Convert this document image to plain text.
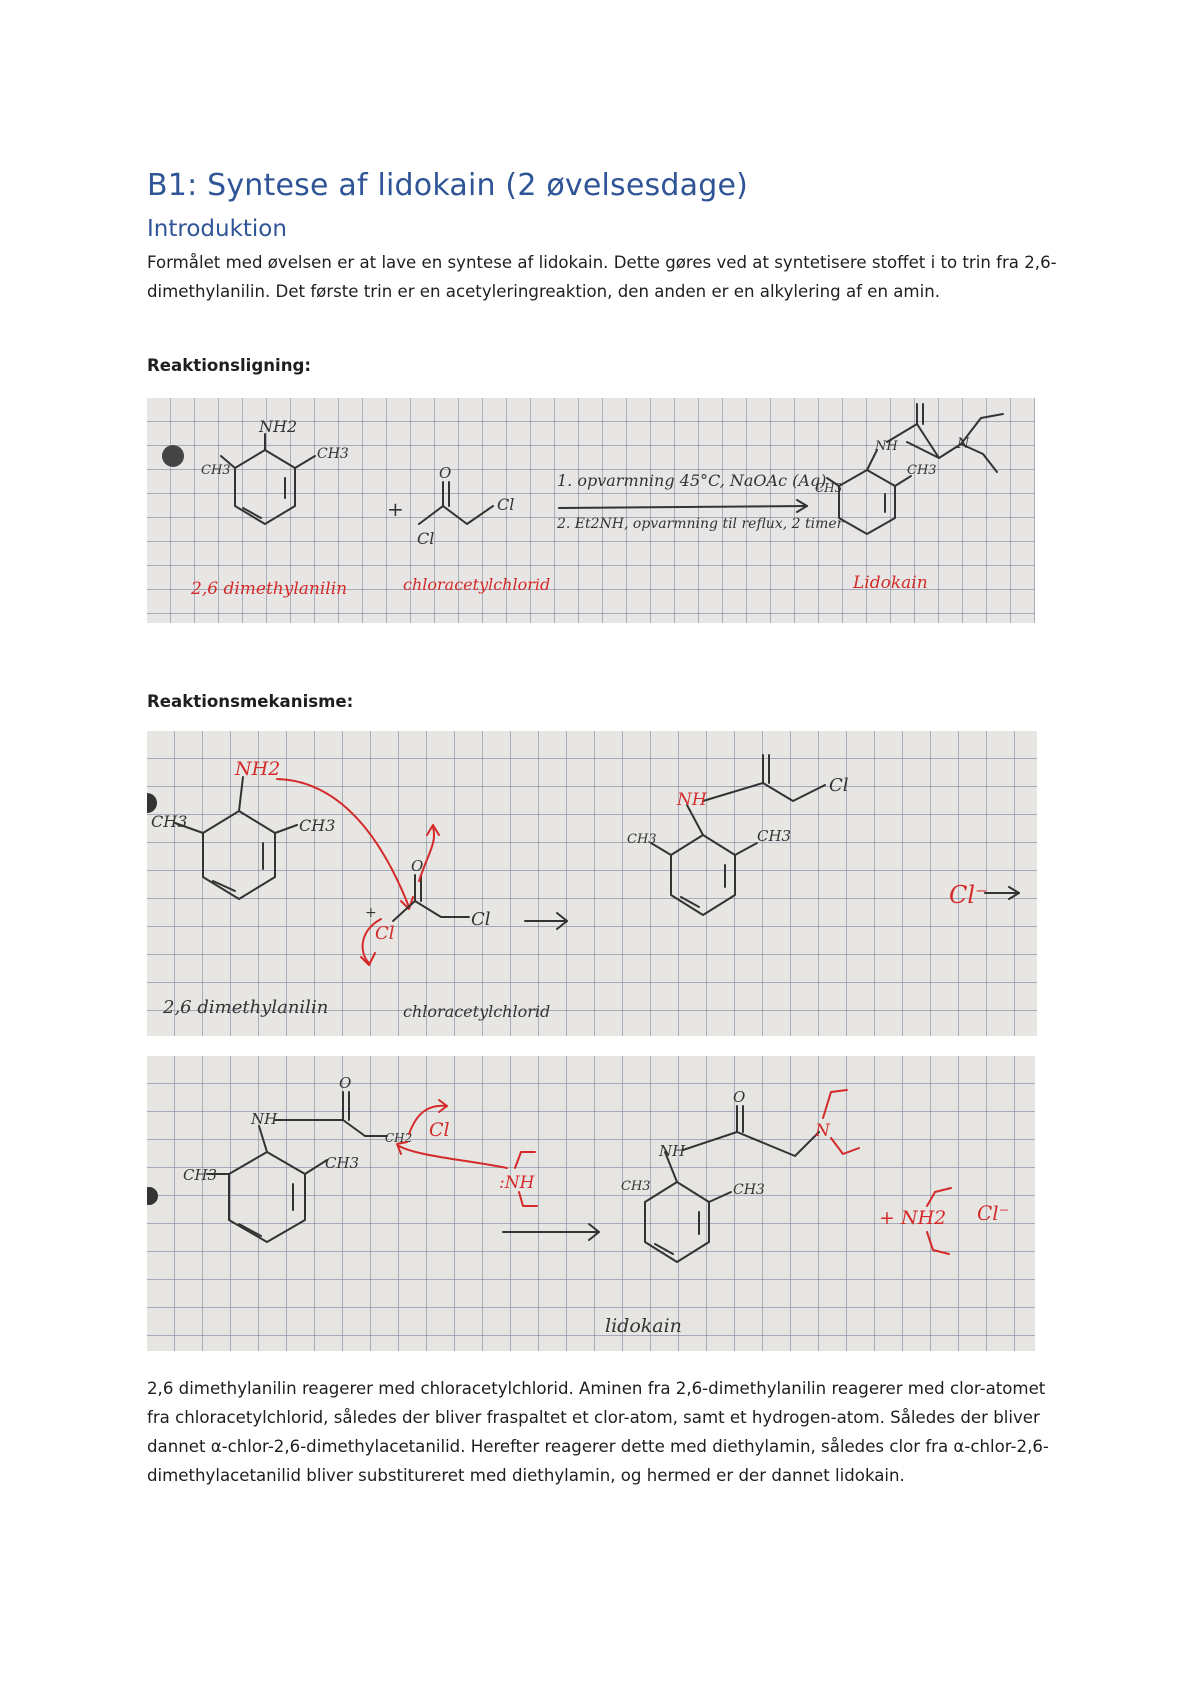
B1: Syntese af lidokain (2 øvelsesdage)
Introduktion

Formålet med øvelsen er at lave en syntese af lidokain. Dette gøres ved at syntetisere stoffet i to trin fra 2,6-dimethylanilin. Det første trin er en acetyleringreaktion, den anden er en alkylering af en amin.

Reaktionsligning:

NH2
CH3
CH3
+
O
Cl
Cl
1. opvarmning 45°C, NaOAc (Aq)
2. Et2NH, opvarmning til reflux, 2 timer
NH	N
CH3
CH3
2,6 dimethylanilin	chloracetylchlorid	Lidokain

Reaktionsmekanisme:

NH2
CH3	CH3
+
O
Cl
Cl
NH
Cl
CH3	CH3
Cl⁻
2,6 dimethylanilin	chloracetylchlorid
O
NH
CH2 Cl
CH3
CH3
:NH
O
NH
N
CH3	CH3
+ NH2 Cl⁻
lidokain

2,6 dimethylanilin reagerer med chloracetylchlorid. Aminen fra 2,6-dimethylanilin reagerer med clor-atomet fra chloracetylchlorid, således der bliver fraspaltet et clor-atom, samt et hydrogen-atom. Således der bliver dannet α-chlor-2,6-dimethylacetanilid. Herefter reagerer dette med diethylamin, således clor fra α-chlor-2,6-dimethylacetanilid bliver substitureret med diethylamin, og hermed er der dannet lidokain.
